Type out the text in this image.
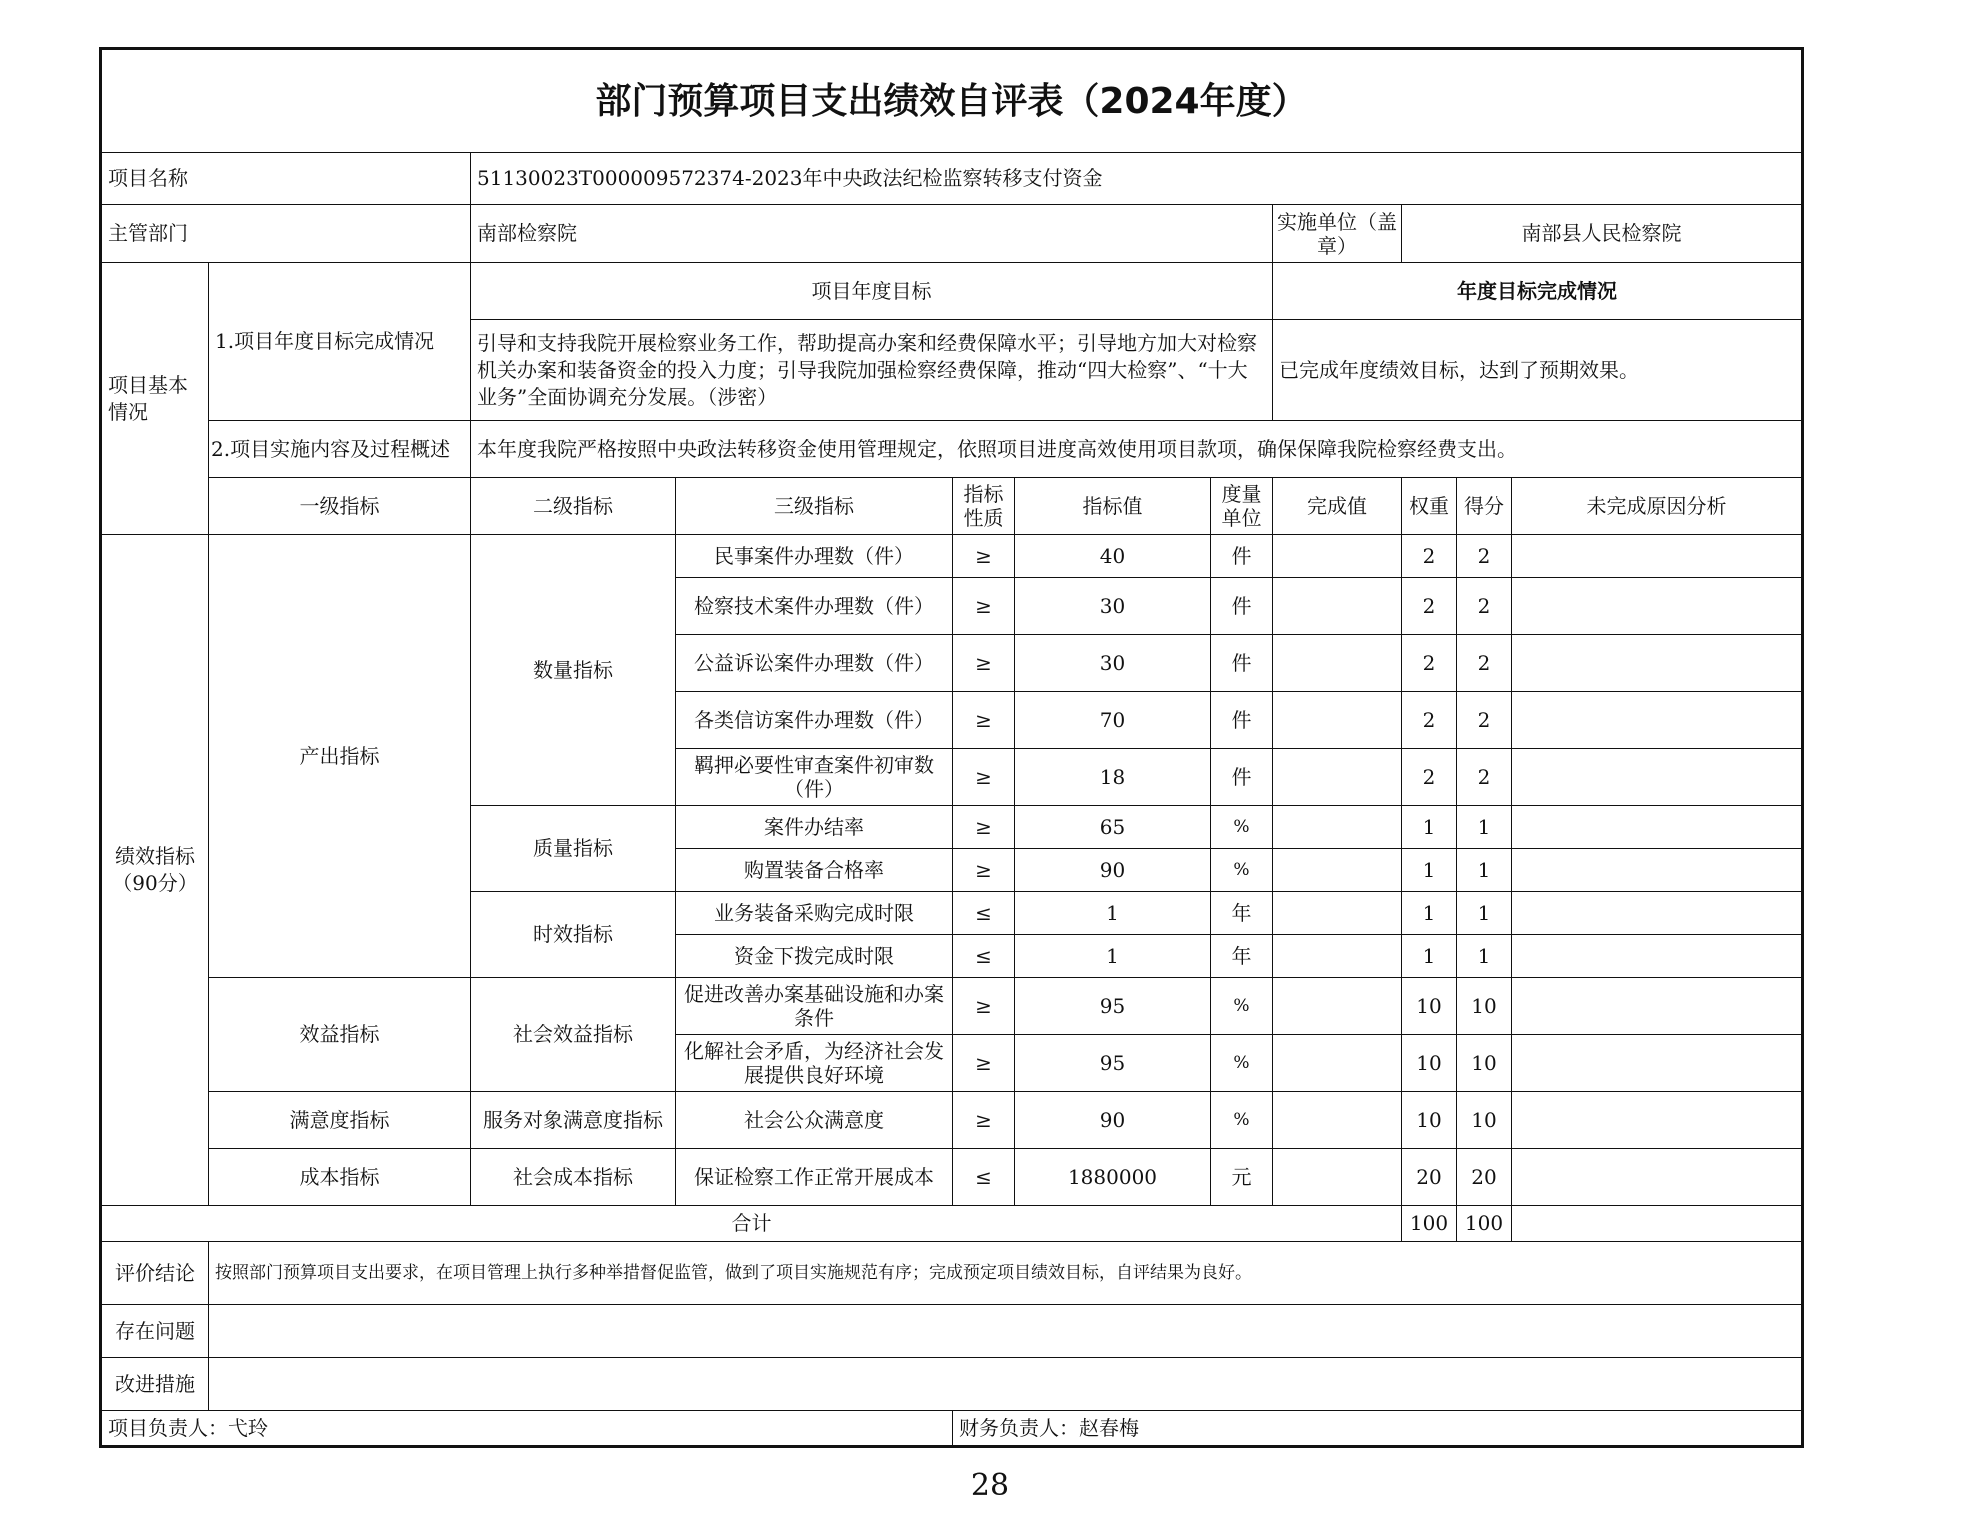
部门预算项目支出绩效自评表（2024年度）										
项目名称		51130023T000009572374-2023年中央政法纪检监察转移支付资金								
主管部门		南部检察院					实施单位（盖章）	南部县人民检察院		
项目基本情况	1.项目年度目标完成情况	项目年度目标					年度目标完成情况			
		引导和支持我院开展检察业务工作，帮助提高办案和经费保障水平；引导地方加大对检察机关办案和装备资金的投入力度；引导我院加强检察经费保障，推动“四大检察”、“十大业务”全面协调充分发展。（涉密）					已完成年度绩效目标，达到了预期效果。			
	2.项目实施内容及过程概述	本年度我院严格按照中央政法转移资金使用管理规定，依照项目进度高效使用项目款项，确保保障我院检察经费支出。								
	一级指标	二级指标	三级指标	指标性质	指标值	度量单位	完成值	权重	得分	未完成原因分析
绩效指标（90分）	产出指标	数量指标	民事案件办理数（件）	≥	40	件		2	2	
			检察技术案件办理数（件）	≥	30	件		2	2	
			公益诉讼案件办理数（件）	≥	30	件		2	2	
			各类信访案件办理数（件）	≥	70	件		2	2	
			羁押必要性审查案件初审数（件）	≥	18	件		2	2	
		质量指标	案件办结率	≥	65	%		1	1	
			购置装备合格率	≥	90	%		1	1	
		时效指标	业务装备采购完成时限	≤	1	年		1	1	
			资金下拨完成时限	≤	1	年		1	1	
	效益指标	社会效益指标	促进改善办案基础设施和办案条件	≥	95	%		10	10	
			化解社会矛盾，为经济社会发展提供良好环境	≥	95	%		10	10	
	满意度指标	服务对象满意度指标	社会公众满意度	≥	90	%		10	10	
	成本指标	社会成本指标	保证检察工作正常开展成本	≤	1880000	元		20	20	
合计								100	100	
评价结论	按照部门预算项目支出要求，在项目管理上执行多种举措督促监管，做到了项目实施规范有序；完成预定项目绩效目标，自评结果为良好。									
存在问题										
改进措施										
项目负责人：弋玲				财务负责人：赵春梅						
28
